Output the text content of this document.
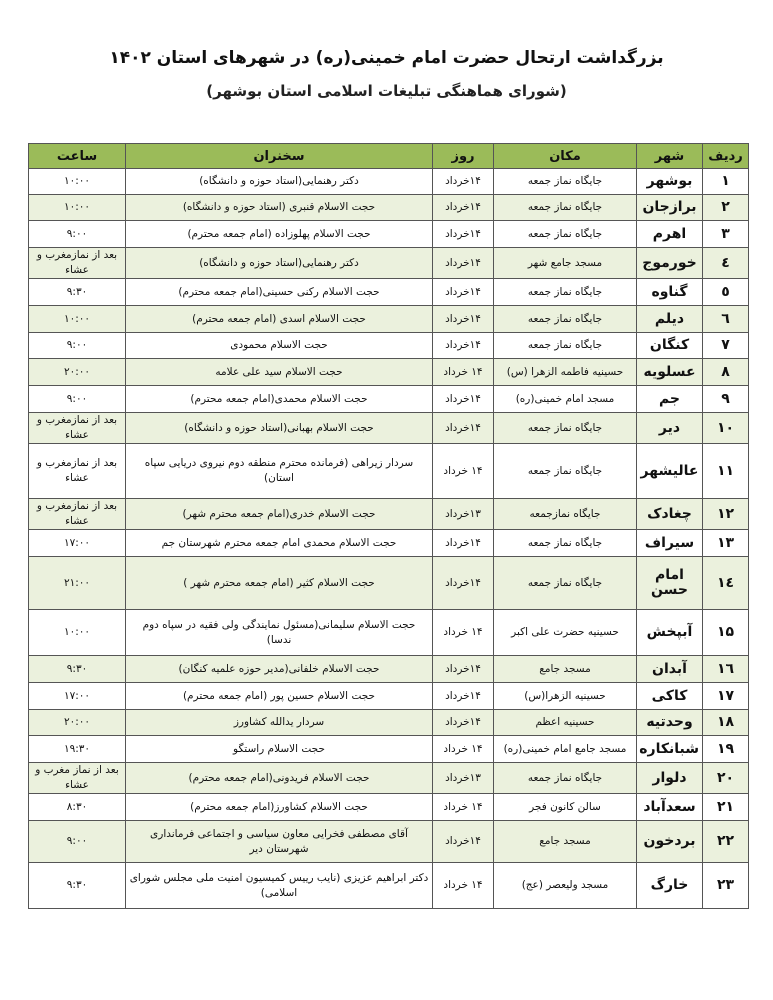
بزرگداشت ارتحال حضرت امام خمینی(ره) در شهرهای استان ۱۴۰۲
(شورای هماهنگی تبلیغات اسلامی استان بوشهر)
ردیف	شهر	مکان	روز	سخنران	ساعت
۱	بوشهر	جایگاه نماز جمعه	۱۴خرداد	دکتر رهنمایی(استاد حوزه و دانشگاه)	۱۰:۰۰
۲	برازجان	جایگاه نماز جمعه	۱۴خرداد	حجت الاسلام قنبری (استاد حوزه و دانشگاه)	۱۰:۰۰
۳	اهرم	جایگاه نماز جمعه	۱۴خرداد	حجت الاسلام پهلوزاده (امام جمعه محترم)	۹:۰۰
٤	خورموج	مسجد جامع شهر	۱۴خرداد	دکتر رهنمایی(استاد حوزه و دانشگاه)	بعد از نمازمغرب و عشاء
٥	گناوه	جایگاه نماز جمعه	۱۴خرداد	حجت الاسلام رکنی حسینی(امام جمعه محترم)	۹:۳۰
٦	دیلم	جایگاه نماز جمعه	۱۴خرداد	حجت الاسلام اسدی (امام جمعه محترم)	۱۰:۰۰
۷	کنگان	جایگاه نماز جمعه	۱۴خرداد	حجت الاسلام محمودی	۹:۰۰
۸	عسلویه	حسینیه فاطمه الزهرا (س)	۱۴ خرداد	حجت الاسلام سید علی علامه	۲۰:۰۰
۹	جم	مسجد امام خمینی(ره)	۱۴خرداد	حجت الاسلام محمدی(امام جمعه محترم)	۹:۰۰
۱۰	دیر	جایگاه نماز جمعه	۱۴خرداد	حجت الاسلام بهبانی(استاد حوزه و دانشگاه)	بعد از نمازمغرب و عشاء
۱۱	عالیشهر	جایگاه نماز جمعه	۱۴ خرداد	سردار زیراهی (فرمانده محترم منطقه دوم نیروی دریایی سپاه استان)	بعد از نمازمغرب و عشاء
۱۲	چغادک	جایگاه نمازجمعه	۱۳خرداد	حجت الاسلام خدری(امام جمعه محترم شهر)	بعد از نمازمغرب و عشاء
۱۳	سیراف	جایگاه نماز جمعه	۱۴خرداد	حجت الاسلام محمدی امام جمعه محترم شهرستان جم	۱۷:۰۰
١٤	امام حسن	جایگاه نماز جمعه	۱۴خرداد	حجت الاسلام کثیر (امام جمعه محترم شهر )	۲۱:۰۰
۱۵	آبپخش	حسینیه حضرت علی اکبر	۱۴ خرداد	حجت الاسلام سلیمانی(مسئول نمایندگی ولی فقیه در سپاه دوم ندسا)	۱۰:۰۰
۱٦	آبدان	مسجد جامع	۱۴خرداد	حجت الاسلام خلفانی(مدیر حوزه علمیه کنگان)	۹:۳۰
۱۷	کاکی	حسینیه الزهرا(س)	۱۴خرداد	حجت الاسلام حسین پور (امام جمعه محترم)	۱۷:۰۰
۱۸	وحدتیه	حسینیه اعظم	۱۴خرداد	سردار یدالله کشاورز	۲۰:۰۰
۱۹	شبانکاره	مسجد جامع امام خمینی(ره)	۱۴ خرداد	حجت الاسلام راستگو	۱۹:۳۰
۲۰	دلوار	جایگاه نماز جمعه	۱۳خرداد	حجت الاسلام فریدونی(امام جمعه محترم)	بعد از نماز مغرب و عشاء
۲۱	سعدآباد	سالن کانون فجر	۱۴ خرداد	حجت الاسلام کشاورز(امام جمعه محترم)	۸:۳۰
۲۲	بردخون	مسجد جامع	۱۴خرداد	آقای مصطفی فخرایی معاون سیاسی و اجتماعی فرمانداری شهرستان دیر	۹:۰۰
۲۳	خارگ	مسجد ولیعصر (عج)	۱۴ خرداد	دکتر ابراهیم عزیزی (نایب رییس کمیسیون امنیت ملی مجلس شورای اسلامی)	۹:۳۰
